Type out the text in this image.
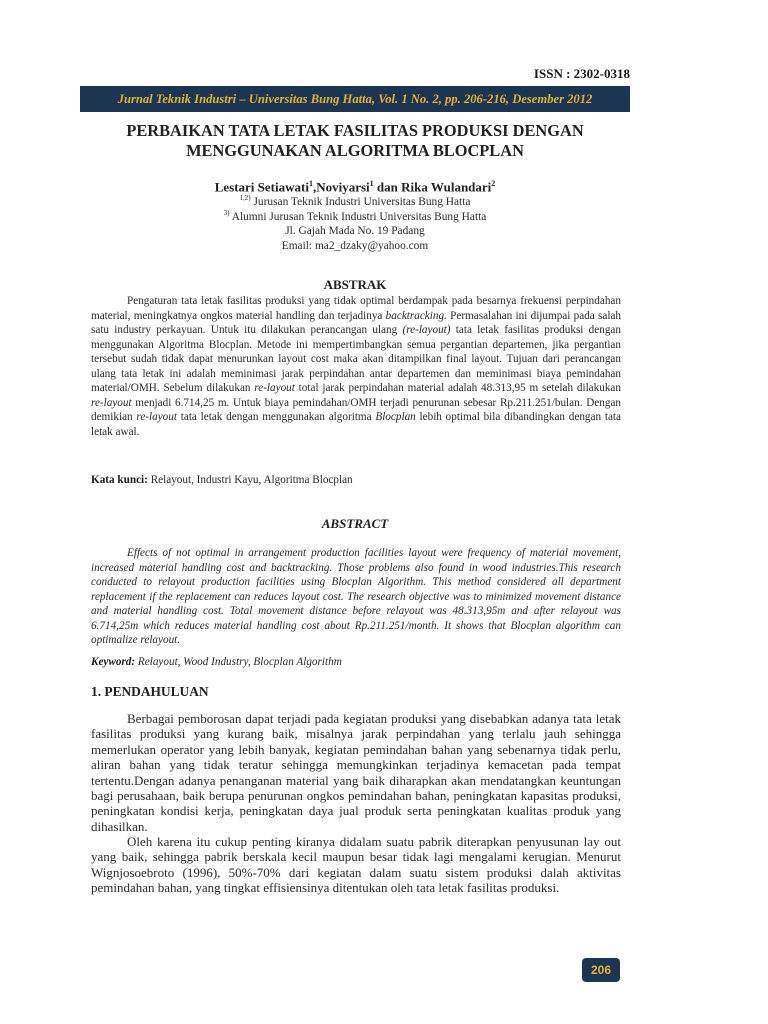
ISSN : 2302-0318
Jurnal Teknik Industri – Universitas Bung Hatta, Vol. 1 No. 2, pp. 206-216, Desember 2012
PERBAIKAN TATA LETAK FASILITAS PRODUKSI DENGAN
MENGGUNAKAN ALGORITMA BLOCPLAN
Lestari Setiawati$^1$,Noviyarsi$^1$ dan Rika Wulandari$^2$
$^{1,2)}$ Jurusan Teknik Industri Universitas Bung Hatta
$^{3)}$ Alumni Jurusan Teknik Industri Universitas Bung Hatta
Jl. Gajah Mada No. 19 Padang
Email: ma2_dzaky@yahoo.com
ABSTRAK
Pengaturan tata letak fasilitas produksi yang tidak optimal berdampak pada besarnya frekuensi perpindahan material, meningkatnya ongkos material handling dan terjadinya backtracking. Permasalahan ini dijumpai pada salah satu industry perkayuan. Untuk itu dilakukan perancangan ulang (re-layout) tata letak fasilitas produksi dengan menggunakan Algoritma Blocplan. Metode ini mempertimbangkan semua pergantian departemen, jika pergantian tersebut sudah tidak dapat menurunkan layout cost maka akan ditampilkan final layout. Tujuan dari perancangan ulang tata letak ini adalah meminimasi jarak perpindahan antar departemen dan meminimasi biaya pemindahan material/OMH. Sebelum dilakukan re-layout total jarak perpindahan material adalah 48.313,95 m setelah dilakukan re-layout menjadi 6.714,25 m. Untuk biaya pemindahan/OMH terjadi penurunan sebesar Rp.211.251/bulan. Dengan demikian re-layout tata letak dengan menggunakan algoritma Blocplan lebih optimal bila dibandingkan dengan tata letak awal.
Kata kunci: Relayout, Industri Kayu, Algoritma Blocplan
ABSTRACT
Effects of not optimal in arrangement production facilities layout were frequency of material movement, increased material handling cost and backtracking. Those problems also found in wood industries.This research conducted to relayout production facilities using Blocplan Algorithm. This method considered all department replacement if the replacement can reduces layout cost. The research objective was to minimized movement distance and material handling cost. Total movement distance before relayout was 48.313,95m and after relayout was 6.714,25m which reduces material handling cost about Rp.211.251/month. It shows that Blocplan algorithm can optimalize relayout.
Keyword: Relayout, Wood Industry, Blocplan Algorithm
1. PENDAHULUAN
Berbagai pemborosan dapat terjadi pada kegiatan produksi yang disebabkan adanya tata letak fasilitas produksi yang kurang baik, misalnya jarak perpindahan yang terlalu jauh sehingga memerlukan operator yang lebih banyak, kegiatan pemindahan bahan yang sebenarnya tidak perlu, aliran bahan yang tidak teratur sehingga memungkinkan terjadinya kemacetan pada tempat tertentu.Dengan adanya penanganan material yang baik diharapkan akan mendatangkan keuntungan bagi perusahaan, baik berupa penurunan ongkos pemindahan bahan, peningkatan kapasitas produksi, peningkatan kondisi kerja, peningkatan daya jual produk serta peningkatan kualitas produk yang dihasilkan.
Oleh karena itu cukup penting kiranya didalam suatu pabrik diterapkan penyusunan lay out yang baik, sehingga pabrik berskala kecil maupun besar tidak lagi mengalami kerugian. Menurut Wignjosoebroto (1996), 50%-70% dari kegiatan dalam suatu sistem produksi dalah aktivitas pemindahan bahan, yang tingkat effisiensinya ditentukan oleh tata letak fasilitas produksi.
206
